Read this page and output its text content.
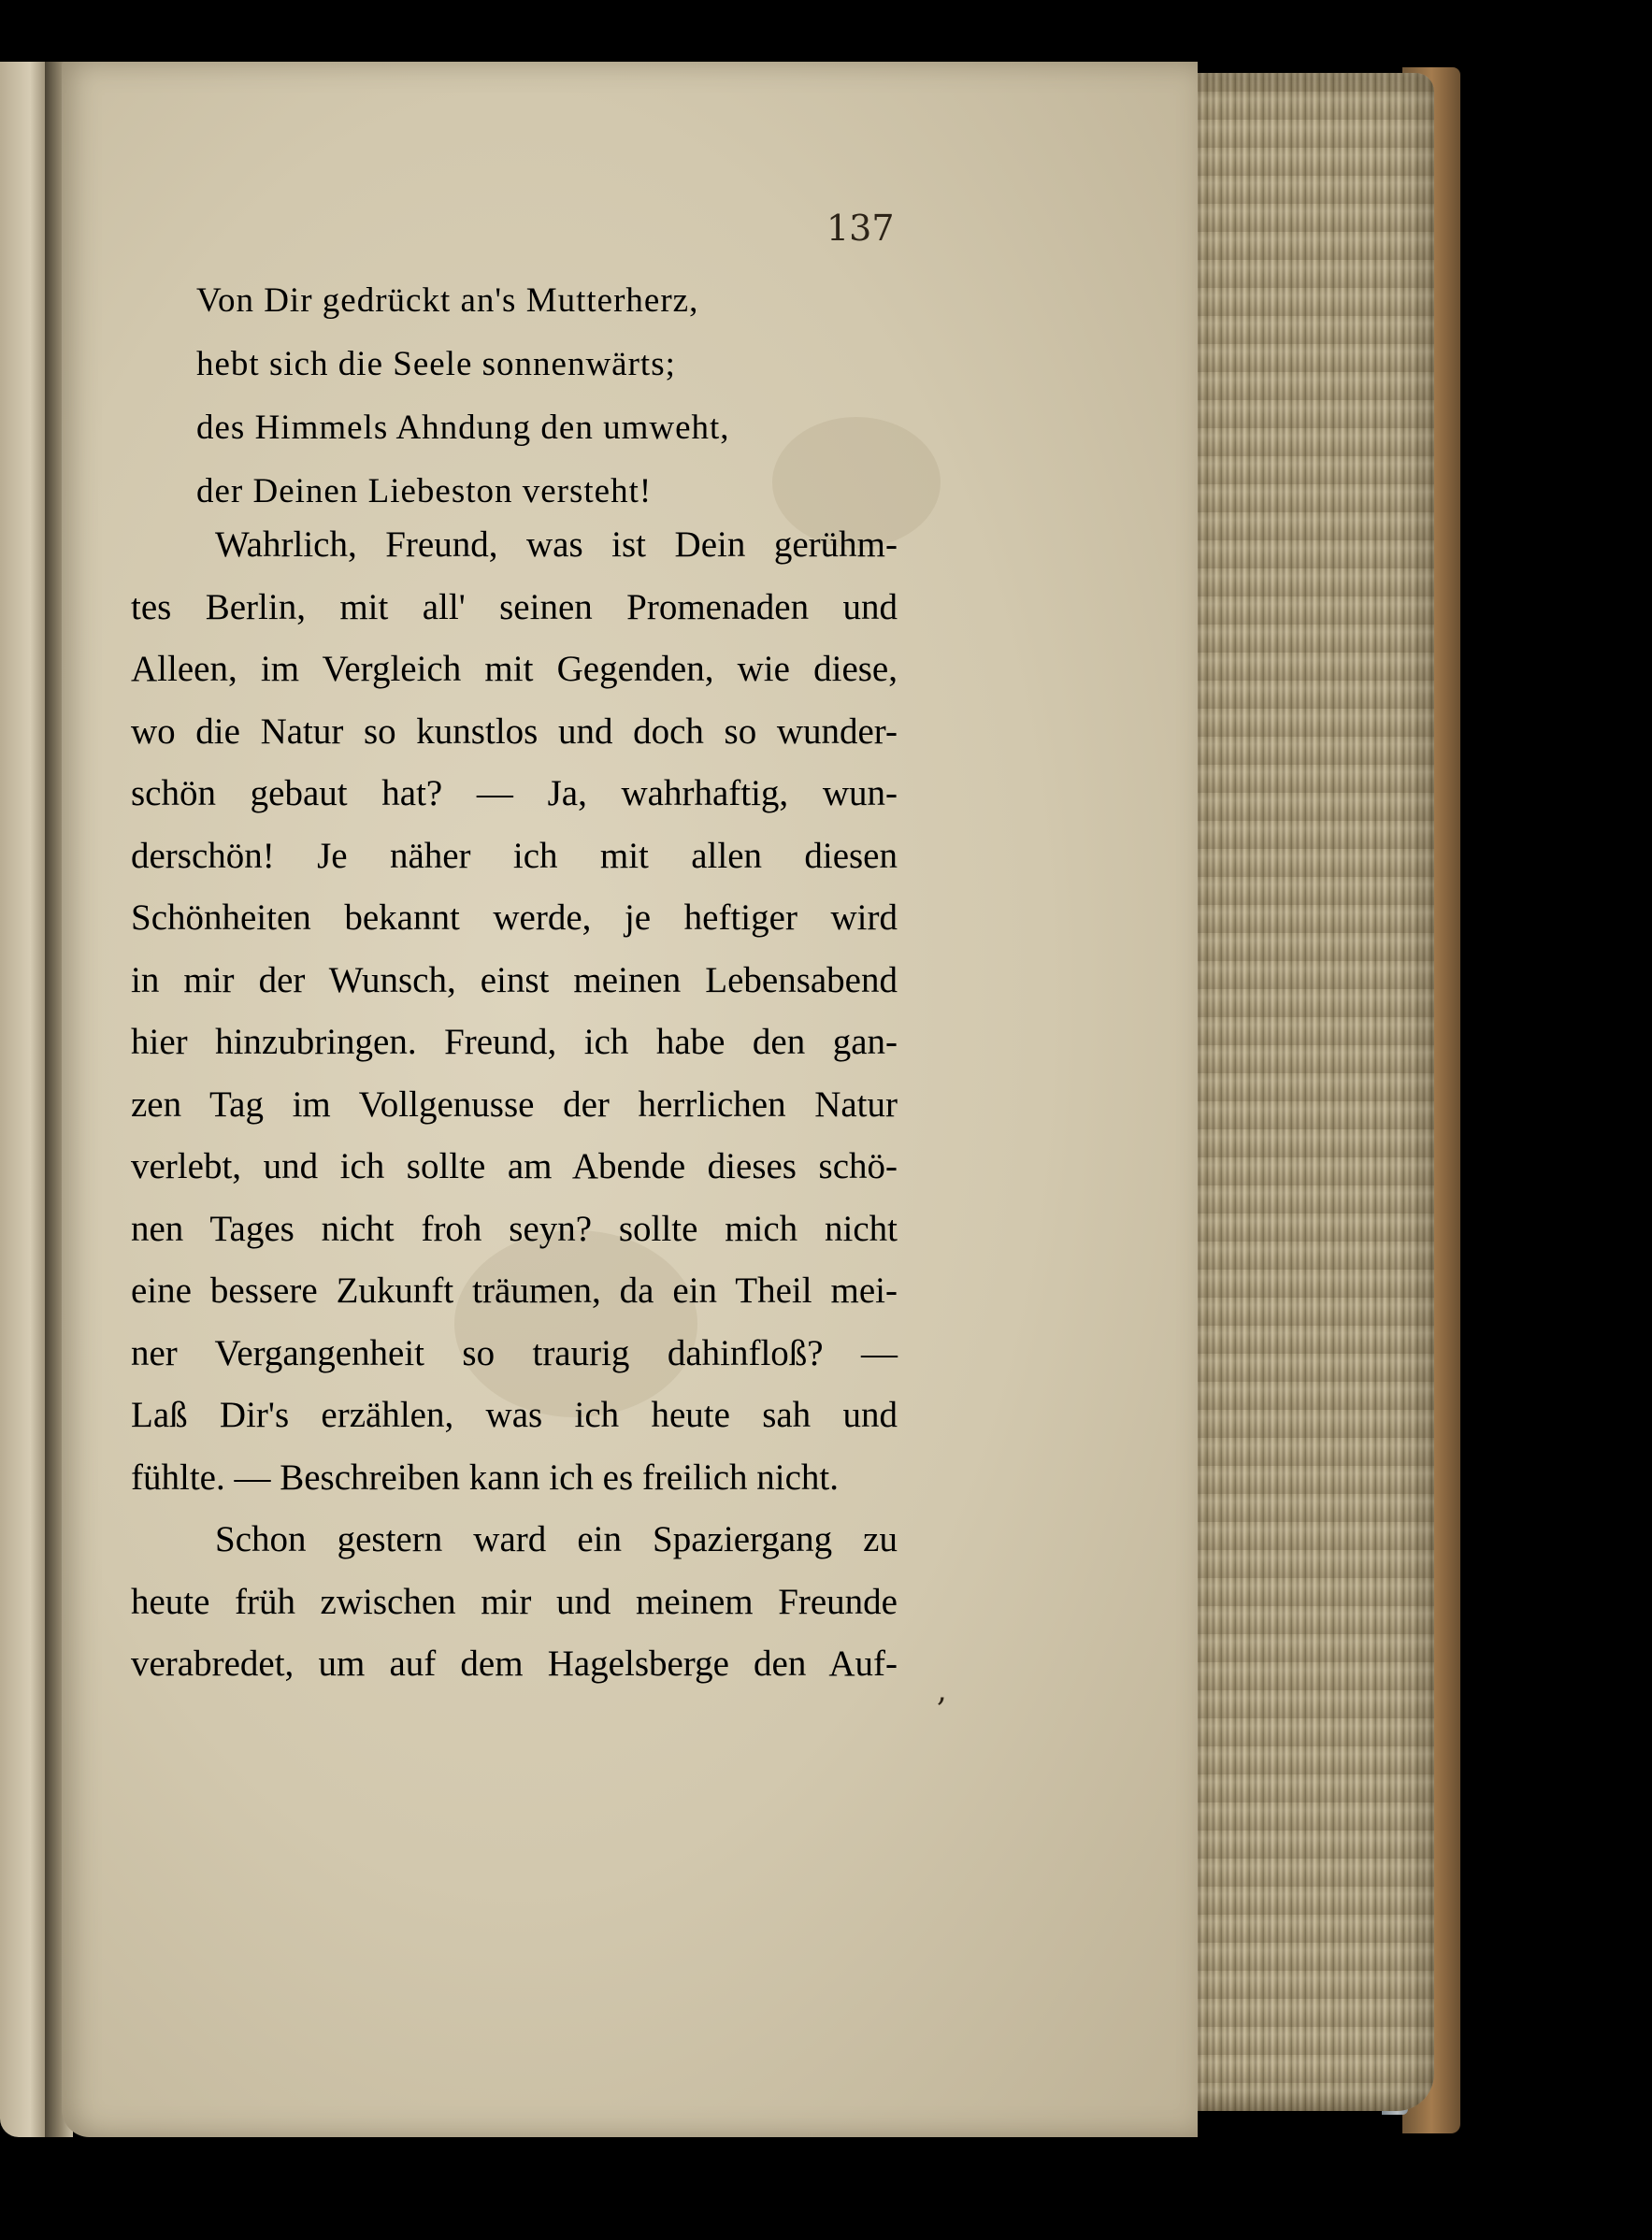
137
Von Dir gedrückt an's Mutterherz,
hebt sich die Seele sonnenwärts;
des Himmels Ahndung den umweht,
der Deinen Liebeston versteht!
Wahrlich, Freund, was ist Dein gerühm-
tes Berlin, mit all' seinen Promenaden und
Alleen, im Vergleich mit Gegenden, wie diese,
wo die Natur so kunstlos und doch so wunder-
schön gebaut hat? — Ja, wahrhaftig, wun-
derschön! Je näher ich mit allen diesen
Schönheiten bekannt werde, je heftiger wird
in mir der Wunsch, einst meinen Lebensabend
hier hinzubringen. Freund, ich habe den gan-
zen Tag im Vollgenusse der herrlichen Natur
verlebt, und ich sollte am Abende dieses schö-
nen Tages nicht froh seyn? sollte mich nicht
eine bessere Zukunft träumen, da ein Theil mei-
ner Vergangenheit so traurig dahinfloß? —
Laß Dir's erzählen, was ich heute sah und
fühlte. — Beschreiben kann ich es freilich nicht.
Schon gestern ward ein Spaziergang zu
heute früh zwischen mir und meinem Freunde
verabredet, um auf dem Hagelsberge den Auf-
,
